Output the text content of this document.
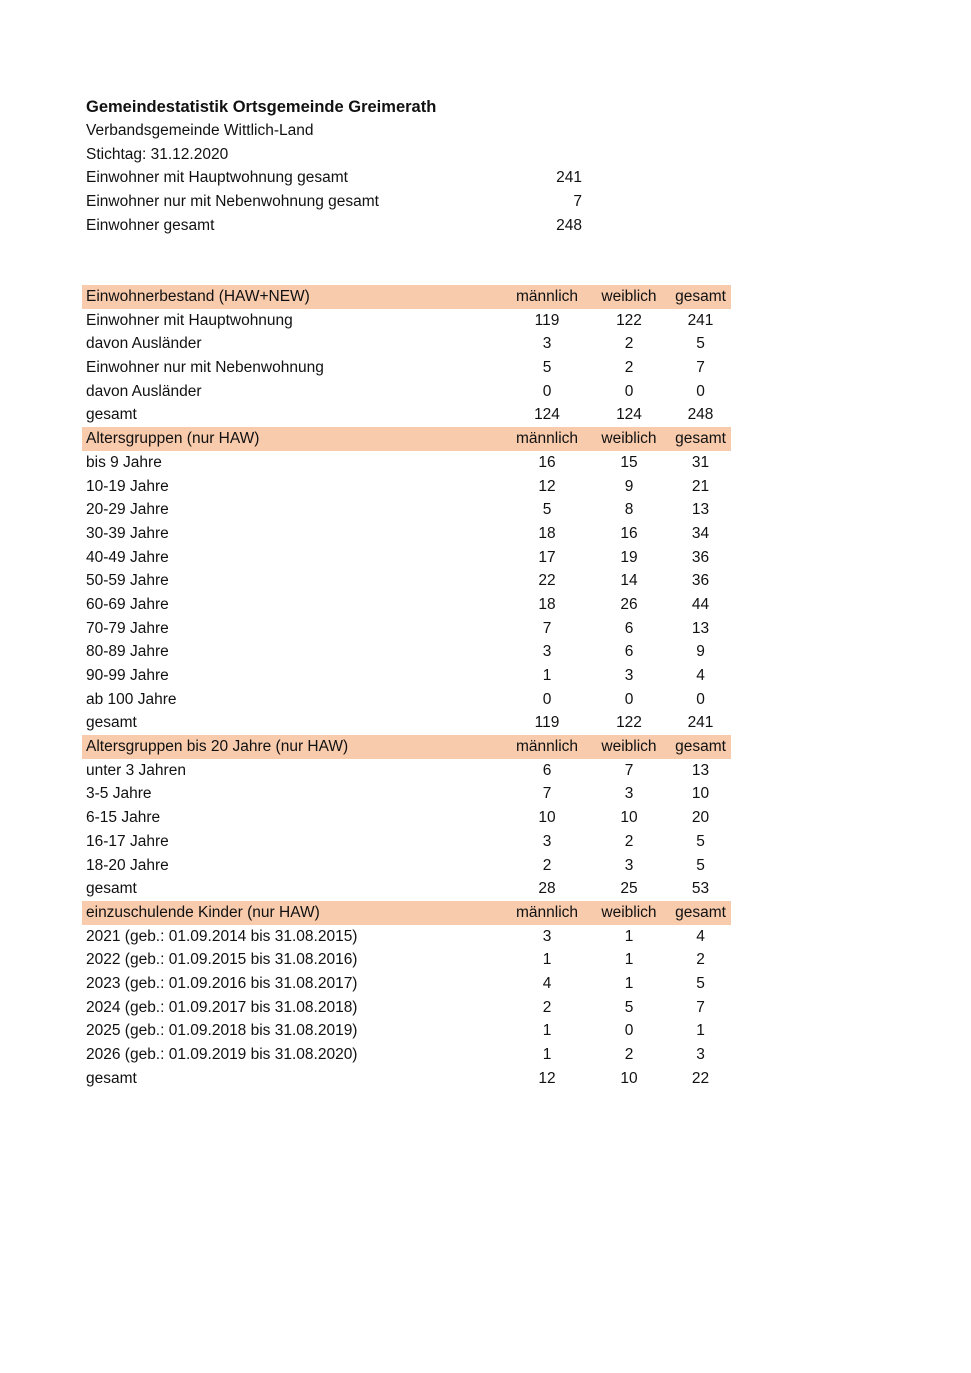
Gemeindestatistik Ortsgemeinde Greimerath
Verbandsgemeinde Wittlich-Land
Stichtag: 31.12.2020
Einwohner mit Hauptwohnung gesamt	241
Einwohner nur mit Nebenwohnung gesamt	7
Einwohner gesamt	248
Einwohnerbestand (HAW+NEW)	männlich	weiblich	gesamt
Einwohner mit Hauptwohnung	119	122	241
davon Ausländer	3	2	5
Einwohner nur mit Nebenwohnung	5	2	7
davon Ausländer	0	0	0
gesamt	124	124	248
Altersgruppen (nur HAW)	männlich	weiblich	gesamt
bis 9 Jahre	16	15	31
10-19 Jahre	12	9	21
20-29 Jahre	5	8	13
30-39 Jahre	18	16	34
40-49 Jahre	17	19	36
50-59 Jahre	22	14	36
60-69 Jahre	18	26	44
70-79 Jahre	7	6	13
80-89 Jahre	3	6	9
90-99 Jahre	1	3	4
ab 100 Jahre	0	0	0
gesamt	119	122	241
Altersgruppen bis 20 Jahre (nur HAW)	männlich	weiblich	gesamt
unter 3 Jahren	6	7	13
3-5 Jahre	7	3	10
6-15 Jahre	10	10	20
16-17 Jahre	3	2	5
18-20 Jahre	2	3	5
gesamt	28	25	53
einzuschulende Kinder (nur HAW)	männlich	weiblich	gesamt
2021 (geb.: 01.09.2014 bis 31.08.2015)	3	1	4
2022 (geb.: 01.09.2015 bis 31.08.2016)	1	1	2
2023 (geb.: 01.09.2016 bis 31.08.2017)	4	1	5
2024 (geb.: 01.09.2017 bis 31.08.2018)	2	5	7
2025 (geb.: 01.09.2018 bis 31.08.2019)	1	0	1
2026 (geb.: 01.09.2019 bis 31.08.2020)	1	2	3
gesamt	12	10	22
